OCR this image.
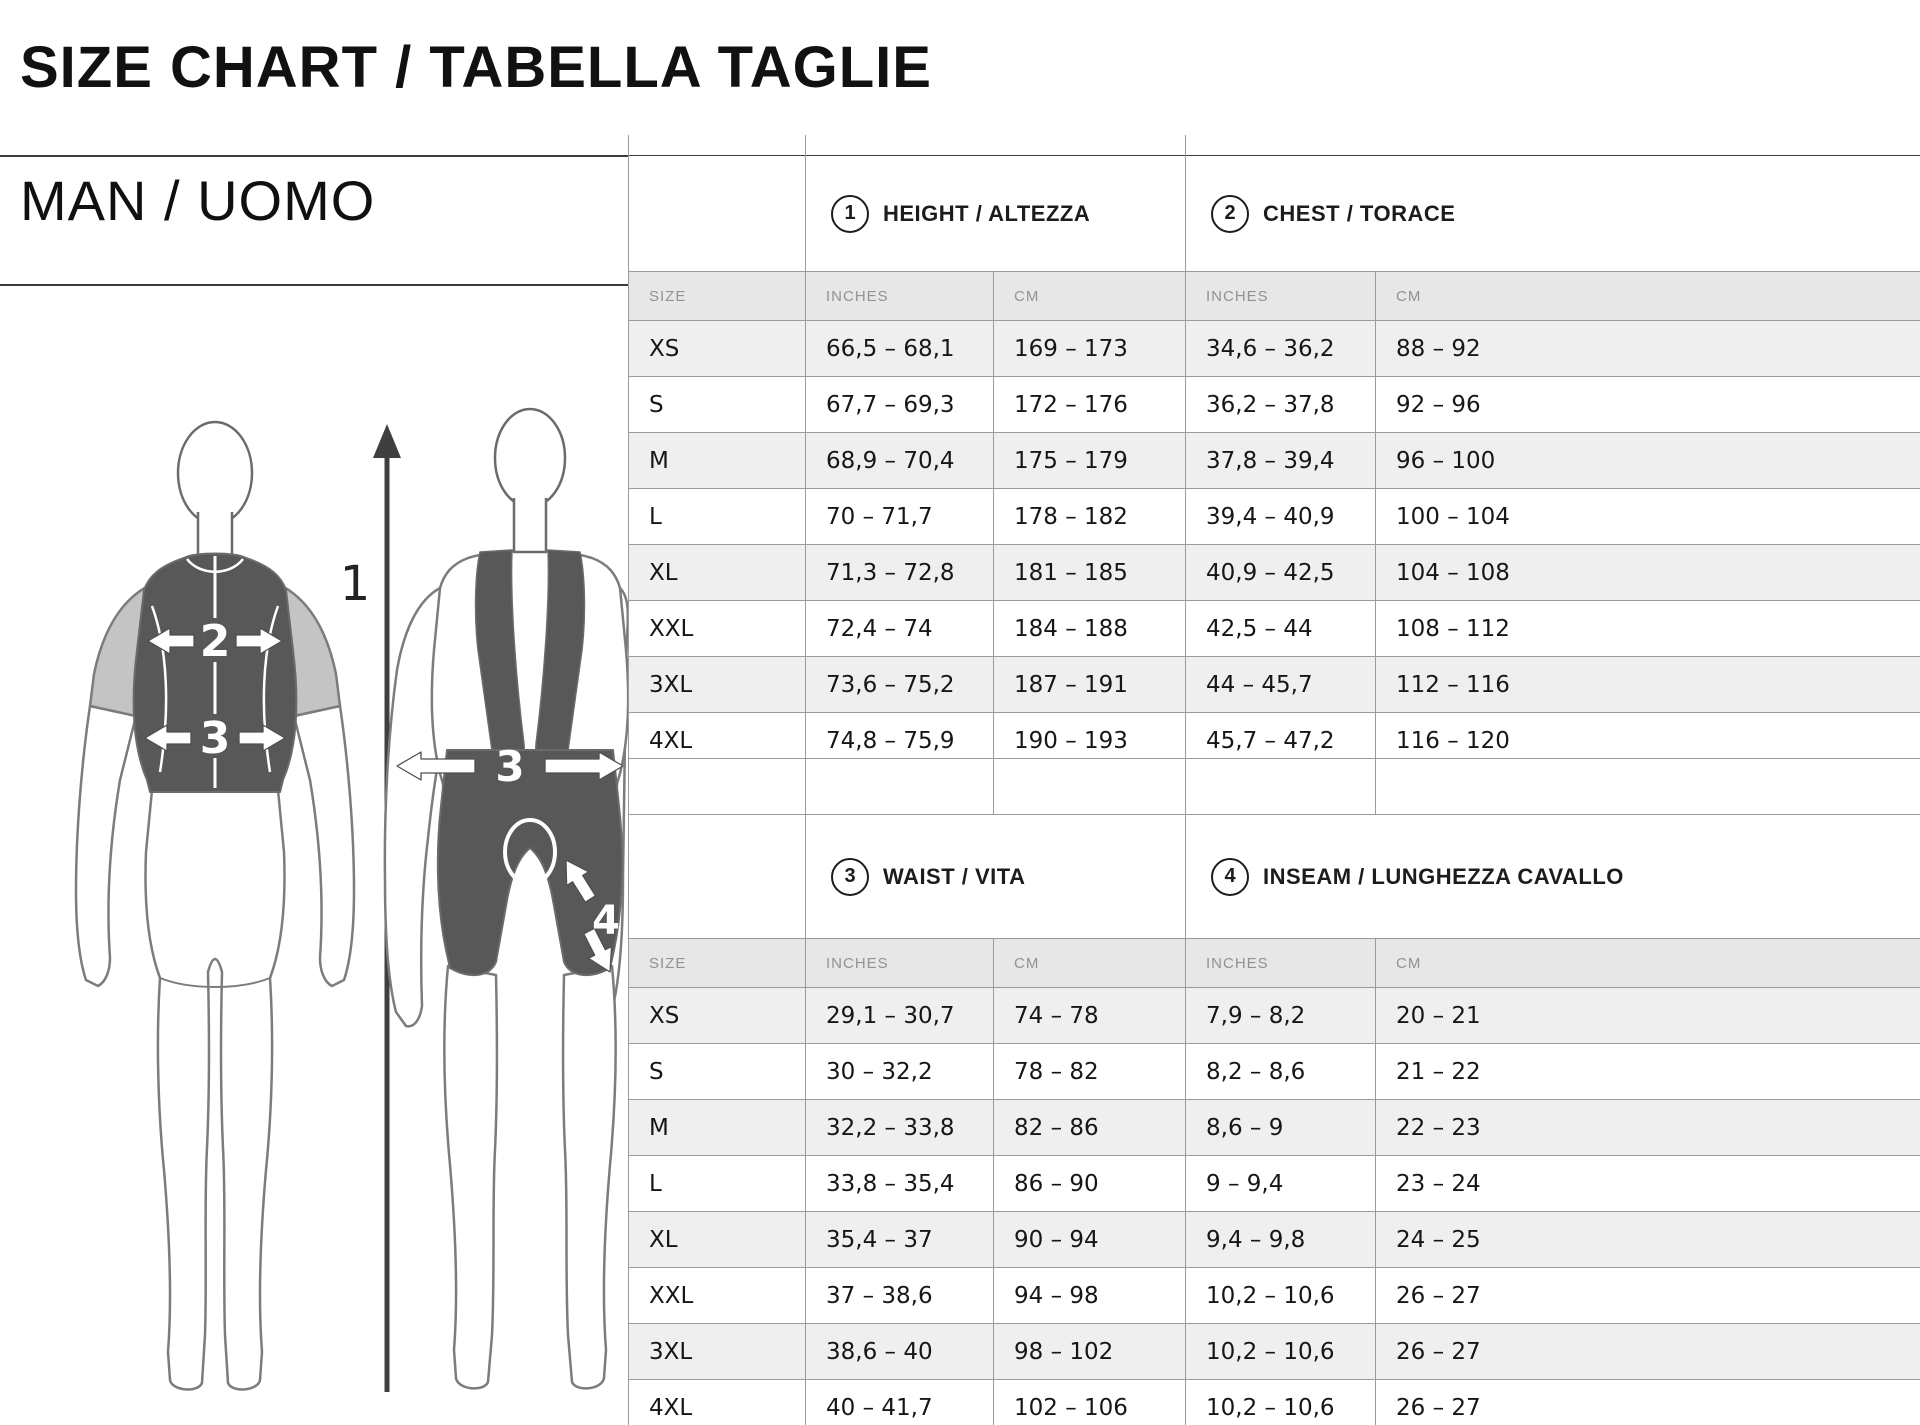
SIZE CHART / TABELLA TAGLIE
MAN / UOMO
2
3
1
3
4

1 HEIGHT / ALTEZZA		2 CHEST / TORACE	

SIZE	INCHES	CM	INCHES	CM
XS	66,5 – 68,1	169 – 173	34,6 – 36,2	88 – 92
S	67,7 – 69,3	172 – 176	36,2 – 37,8	92 – 96
M	68,9 – 70,4	175 – 179	37,8 – 39,4	96 – 100
L	70 – 71,7	178 – 182	39,4 – 40,9	100 – 104
XL	71,3 – 72,8	181 – 185	40,9 – 42,5	104 – 108
XXL	72,4 – 74	184 – 188	42,5 – 44	108 – 112
3XL	73,6 – 75,2	187 – 191	44 – 45,7	112 – 116
4XL	74,8 – 75,9	190 – 193	45,7 – 47,2	116 – 120

3 WAIST / VITA		4 INSEAM / LUNGHEZZA CAVALLO	

SIZE	INCHES	CM	INCHES	CM
XS	29,1 – 30,7	74 – 78	7,9 – 8,2	20 – 21
S	30 – 32,2	78 – 82	8,2 – 8,6	21 – 22
M	32,2 – 33,8	82 – 86	8,6 – 9	22 – 23
L	33,8 – 35,4	86 – 90	9 – 9,4	23 – 24
XL	35,4 – 37	90 – 94	9,4 – 9,8	24 – 25
XXL	37 – 38,6	94 – 98	10,2 – 10,6	26 – 27
3XL	38,6 – 40	98 – 102	10,2 – 10,6	26 – 27
4XL	40 – 41,7	102 – 106	10,2 – 10,6	26 – 27
